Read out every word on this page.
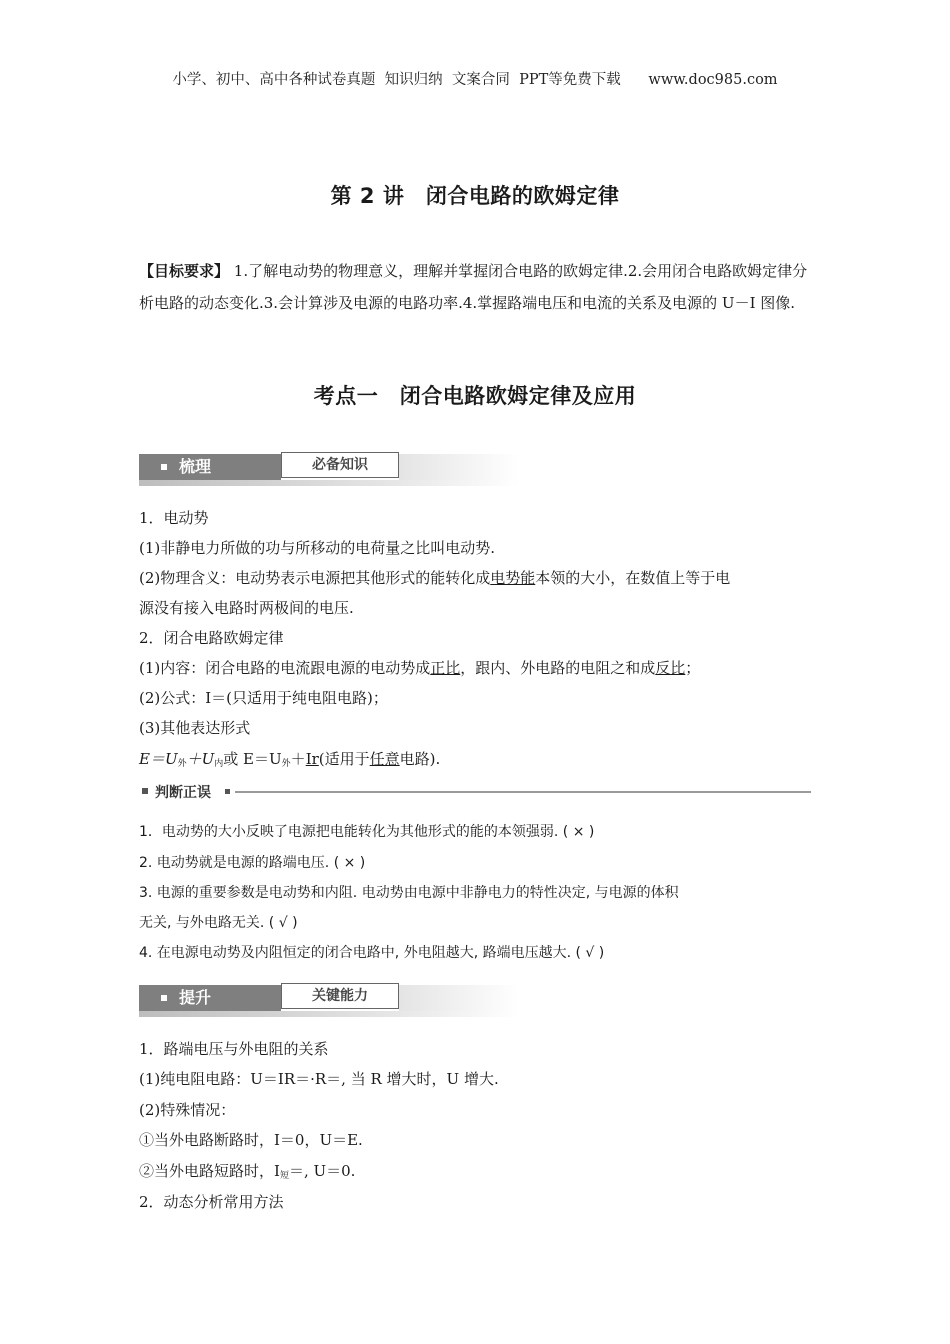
小学、初中、高中各种试卷真题  知识归纳  文案合同  PPT等免费下载      www.doc985.com
第 2 讲　闭合电路的欧姆定律
【目标要求】 1.了解电动势的物理意义，理解并掌握闭合电路的欧姆定律.2.会用闭合电路欧姆定律分析电路的动态变化.3.会计算涉及电源的电路功率.4.掌握路端电压和电流的关系及电源的 U－I 图像.
考点一　闭合电路欧姆定律及应用
梳理	必备知识
1．电动势
(1)非静电力所做的功与所移动的电荷量之比叫电动势.
(2)物理含义：电动势表示电源把其他形式的能转化成电势能本领的大小，在数值上等于电
源没有接入电路时两极间的电压.
2．闭合电路欧姆定律
(1)内容：闭合电路的电流跟电源的电动势成正比，跟内、外电路的电阻之和成反比；
(2)公式：I＝(只适用于纯电阻电路)；
(3)其他表达形式
$E=U_外+U_内$或 $E=U_外+Ir$(适用于任意电路).
判断正误
1．电动势的大小反映了电源把电能转化为其他形式的能的本领强弱. ( × )
2. 电动势就是电源的路端电压. ( × )
3. 电源的重要参数是电动势和内阻. 电动势由电源中非静电力的特性决定, 与电源的体积
无关, 与外电路无关. ( √ )
4. 在电源电动势及内阻恒定的闭合电路中, 外电阻越大, 路端电压越大. ( √ )
提升	关键能力
1．路端电压与外电阻的关系
(1)纯电阻电路：U＝IR＝·R＝, 当 R 增大时，U 增大.
(2)特殊情况：
①当外电路断路时，I＝0，U＝E.
②当外电路短路时，$I_短=$, U＝0.
2．动态分析常用方法
